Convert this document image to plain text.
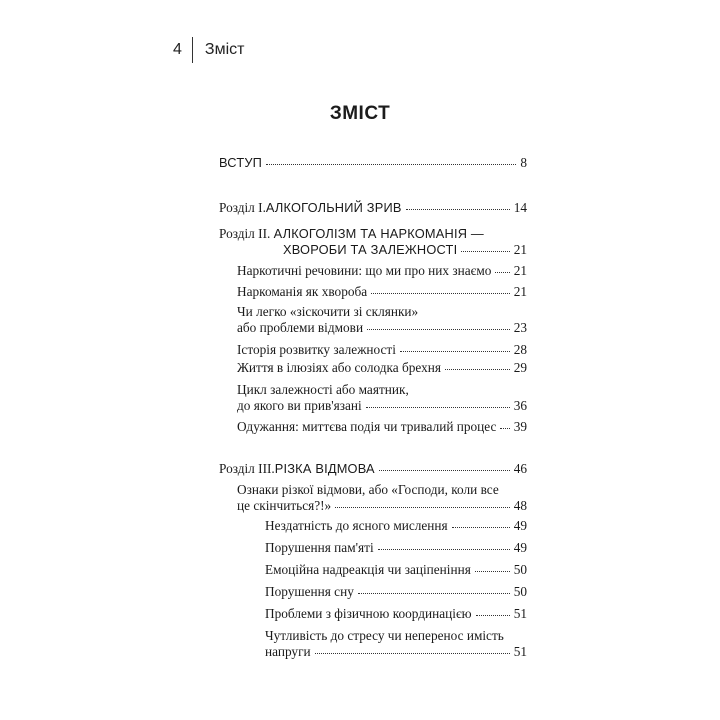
4	Зміст
ЗМІСТ
ВСТУП	8
Розділ І. АЛКОГОЛЬНИЙ ЗРИВ	14
Розділ ІІ. АЛКОГОЛІЗМ ТА НАРКОМАНІЯ —
ХВОРОБИ ТА ЗАЛЕЖНОСТІ	21
Наркотичні речовини: що ми про них знаємо 21
Наркоманія як хвороба	21
Чи легко «зіскочити зі склянки»
або проблеми відмови	23
Історія розвитку залежності	28
Життя в ілюзіях або солодка брехня	29
Цикл залежності або маятник,
до якого ви прив'язані	36
Одужання: миттєва подія чи тривалий процес 39
Розділ ІІІ. РІЗКА ВІДМОВА	46
Ознаки різкої відмови, або «Господи, коли все
це скінчиться?!»	48
Нездатність до ясного мислення	49
Порушення пам'яті	49
Емоційна надреакція чи заціпеніння	50
Порушення сну	50
Проблеми з фізичною координацією	51
Чутливість до стресу чи неперенос имість
напруги	51
